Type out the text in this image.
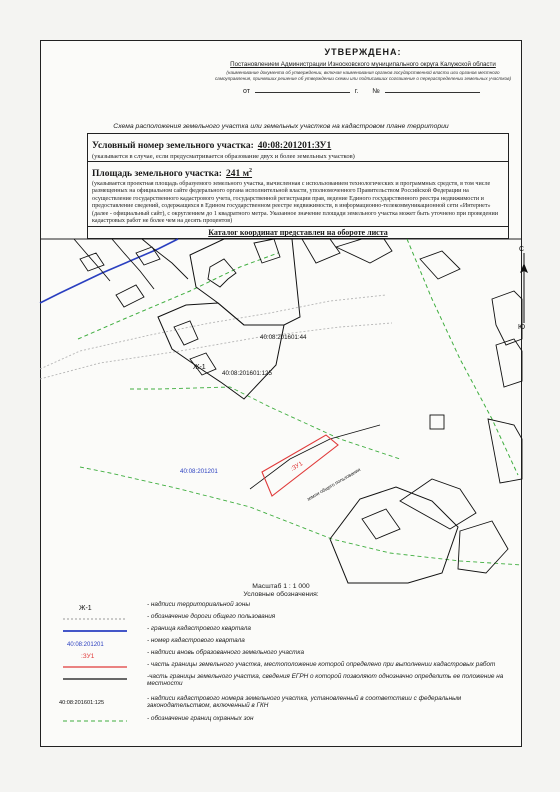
УТВЕРЖДЕНА:
Постановлением Администрации Износковского муниципального округа Калужской области
(наименование документа об утверждении, включая наименования органов государственной власти или органов местного самоуправления, принявших решение об утверждении схемы или подписавших соглашение о перераспределении земельных участков)
от	г. №
Схема расположения земельного участка или земельных участков на кадастровом плане территории
Условный номер земельного участка: 40:08:201201:ЗУ1
(указывается в случае, если предусматривается образование двух и более земельных участков)
Площадь земельного участка: 241 $м^2$
(указывается проектная площадь образуемого земельного участка, вычисленная с использованием технологических и программных средств, в том числе размещенных на официальном сайте федерального органа исполнительной власти, уполномоченного Правительством Российской Федерации на осуществление государственного кадастрового учета, государственной регистрации прав, ведение Единого государственного реестра недвижимости и предоставление сведений, содержащихся в Едином государственном реестре недвижимости, в информационно-телекоммуникационной сети «Интернет» (далее - официальный сайт), с округлением до 1 квадратного метра. Указанное значение площади земельного участка может быть уточнено при проведении кадастровых работ не более чем на десять процентов)
Каталог координат представлен на обороте листа
40:08:201601:44
40:08:201601:125
Ж-1
:ЗУ1
земли общего пользования
40:08:201201
С
Ю
Масштаб 1 : 1 000
Условные обозначения:
Ж-1
- надписи территориальной зоны
- обозначение дороги общего пользования
- граница кадастрового квартала
40:08:201201
- номер кадастрового квартала
:ЗУ1
- надписи вновь образованного земельного участка
- часть границы земельного участка, местоположение которой определено при выполнении кадастровых работ
-часть границы земельного участка, сведения ЕГРН о которой позволяют однозначно определить ее положение на местности
40:08:201601:125
- надписи кадастрового номера земельного участка, установленный в соответствии с федеральным законодательством, включенный в ГКН
- обозначение границ охранных зон
